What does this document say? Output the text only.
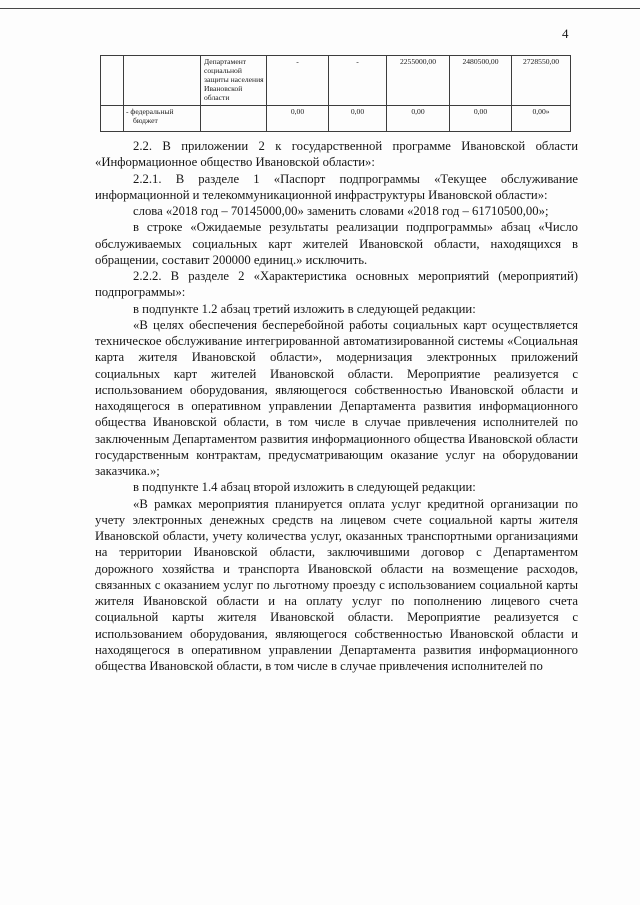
4
		Департамент социальной защиты населения Ивановской области	-	-	2255000,00	2480500,00	2728550,00
	- федеральный бюджет		0,00	0,00	0,00	0,00	0,00»

2.2. В приложении 2 к государственной программе Ивановской области «Информационное общество Ивановской области»:

2.2.1. В разделе 1 «Паспорт подпрограммы «Текущее обслуживание информационной и телекоммуникационной инфраструктуры Ивановской области»:

слова «2018 год – 70145000,00» заменить словами «2018 год – 61710500,00»;

в строке «Ожидаемые результаты реализации подпрограммы» абзац «Число обслуживаемых социальных карт жителей Ивановской области, находящихся в обращении, составит 200000 единиц.» исключить.

2.2.2. В разделе 2 «Характеристика основных мероприятий (мероприятий) подпрограммы»:

в подпункте 1.2 абзац третий изложить в следующей редакции:

«В целях обеспечения бесперебойной работы социальных карт осуществляется техническое обслуживание интегрированной автоматизированной системы «Социальная карта жителя Ивановской области», модернизация электронных приложений социальных карт жителей Ивановской области. Мероприятие реализуется с использованием оборудования, являющегося собственностью Ивановской области и находящегося в оперативном управлении Департамента развития информационного общества Ивановской области, в том числе в случае привлечения исполнителей по заключенным Департаментом развития информационного общества Ивановской области государственным контрактам, предусматривающим оказание услуг на оборудовании заказчика.»;

в подпункте 1.4 абзац второй изложить в следующей редакции:

«В рамках мероприятия планируется оплата услуг кредитной организации по учету электронных денежных средств на лицевом счете социальной карты жителя Ивановской области, учету количества услуг, оказанных транспортными организациями на территории Ивановской области, заключившими договор с Департаментом дорожного хозяйства и транспорта Ивановской области на возмещение расходов, связанных с оказанием услуг по льготному проезду с использованием социальной карты жителя Ивановской области и на оплату услуг по пополнению лицевого счета социальной карты жителя Ивановской области. Мероприятие реализуется с использованием оборудования, являющегося собственностью Ивановской области и находящегося в оперативном управлении Департамента развития информационного общества Ивановской области, в том числе в случае привлечения исполнителей по
